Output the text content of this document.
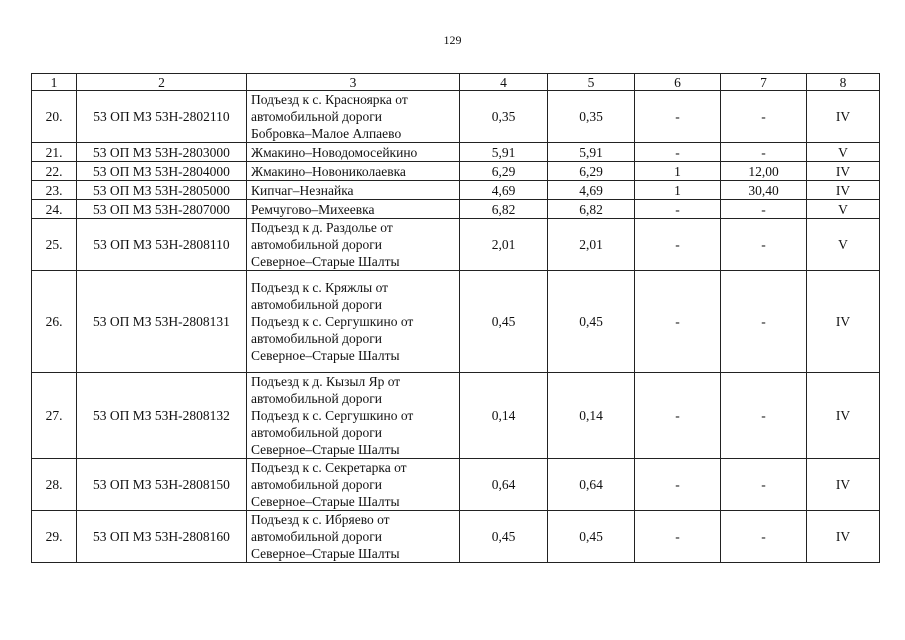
129
1	2	3	4	5	6	7	8
20.	53 ОП МЗ 53Н-2802110	Подъезд к с. Красноярка от
автомобильной дороги
Бобровка–Малое Алпаево	0,35	0,35	-	-	IV
21.	53 ОП МЗ 53Н-2803000	Жмакино–Новодомосейкино	5,91	5,91	-	-	V
22.	53 ОП МЗ 53Н-2804000	Жмакино–Новониколаевка	6,29	6,29	1	12,00	IV
23.	53 ОП МЗ 53Н-2805000	Кипчаг–Незнайка	4,69	4,69	1	30,40	IV
24.	53 ОП МЗ 53Н-2807000	Ремчугово–Михеевка	6,82	6,82	-	-	V
25.	53 ОП МЗ 53Н-2808110	Подъезд к д. Раздолье от
автомобильной дороги
Северное–Старые Шалты	2,01	2,01	-	-	V
26.	53 ОП МЗ 53Н-2808131	Подъезд к с. Кряжлы от
автомобильной дороги
Подъезд к с. Сергушкино от
автомобильной дороги
Северное–Старые Шалты	0,45	0,45	-	-	IV
27.	53 ОП МЗ 53Н-2808132	Подъезд к д. Кызыл Яр от
автомобильной дороги
Подъезд к с. Сергушкино от
автомобильной дороги
Северное–Старые Шалты	0,14	0,14	-	-	IV
28.	53 ОП МЗ 53Н-2808150	Подъезд к с. Секретарка от
автомобильной дороги
Северное–Старые Шалты	0,64	0,64	-	-	IV
29.	53 ОП МЗ 53Н-2808160	Подъезд к с. Ибряево от
автомобильной дороги
Северное–Старые Шалты	0,45	0,45	-	-	IV
